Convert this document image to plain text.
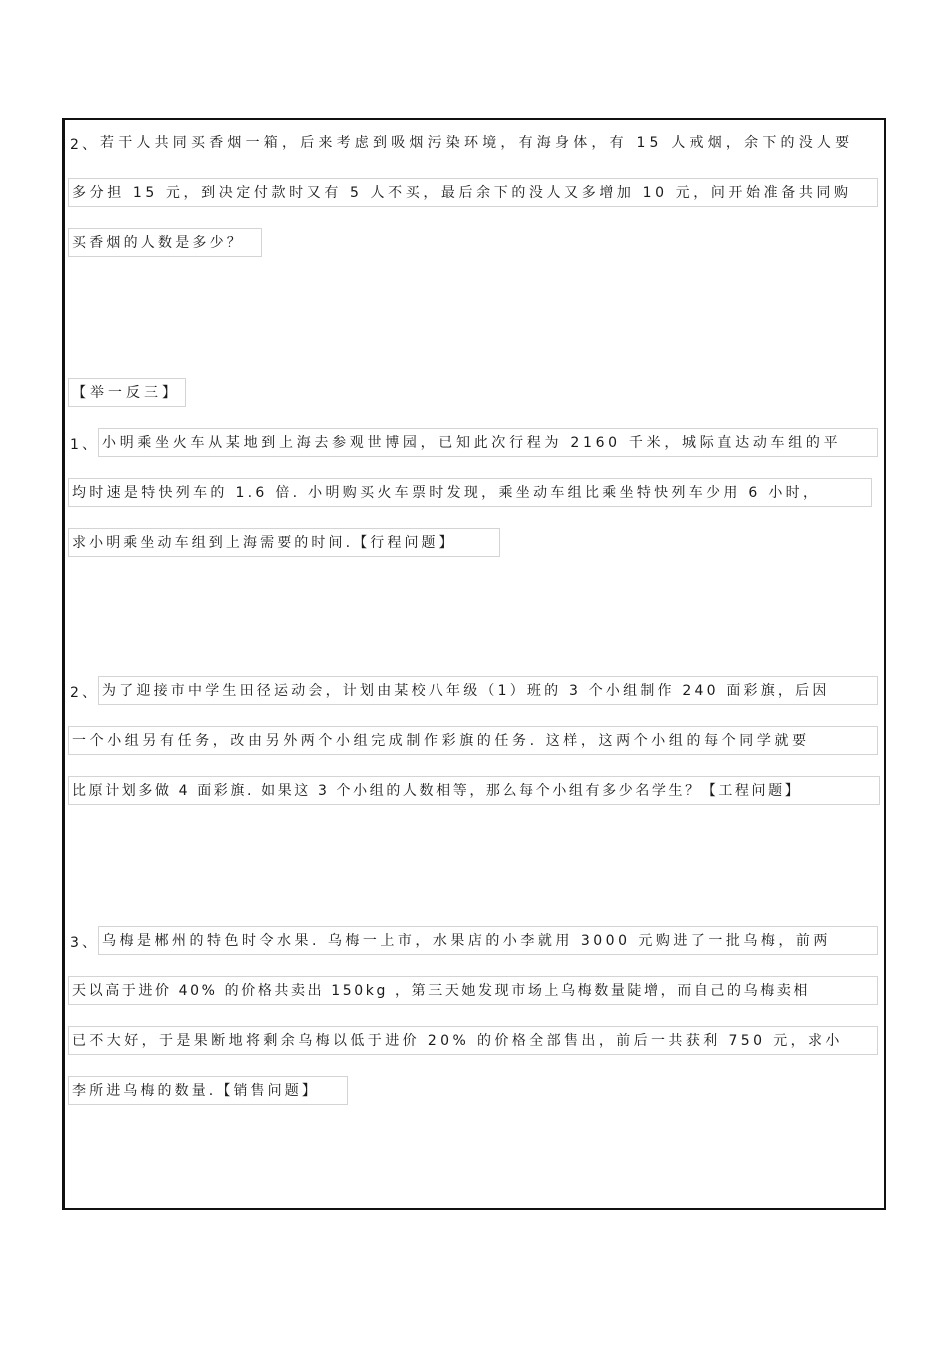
2、 若干人共同买香烟一箱，后来考虑到吸烟污染环境，有海身体，有 15 人戒烟，余下的没人要
多分担 15 元，到决定付款时又有 5 人不买，最后余下的没人又多增加 10 元，问开始准备共同购
买香烟的人数是多少？
【举一反三】
1、 小明乘坐火车从某地到上海去参观世博园，已知此次行程为 2160 千米，城际直达动车组的平
均时速是特快列车的 1.6 倍. 小明购买火车票时发现，乘坐动车组比乘坐特快列车少用 6 小时，
求小明乘坐动车组到上海需要的时间.【行程问题】
2、 为了迎接市中学生田径运动会，计划由某校八年级（1）班的 3 个小组制作 240 面彩旗，后因
一个小组另有任务，改由另外两个小组完成制作彩旗的任务. 这样，这两个小组的每个同学就要
比原计划多做 4 面彩旗. 如果这 3 个小组的人数相等，那么每个小组有多少名学生？【工程问题】
3、 乌梅是郴州的特色时令水果. 乌梅一上市，水果店的小李就用 3000 元购进了一批乌梅，前两
天以高于进价 40% 的价格共卖出 150kg ，第三天她发现市场上乌梅数量陡增，而自己的乌梅卖相
已不大好，于是果断地将剩余乌梅以低于进价 20% 的价格全部售出，前后一共获利 750 元，求小
李所进乌梅的数量.【销售问题】
